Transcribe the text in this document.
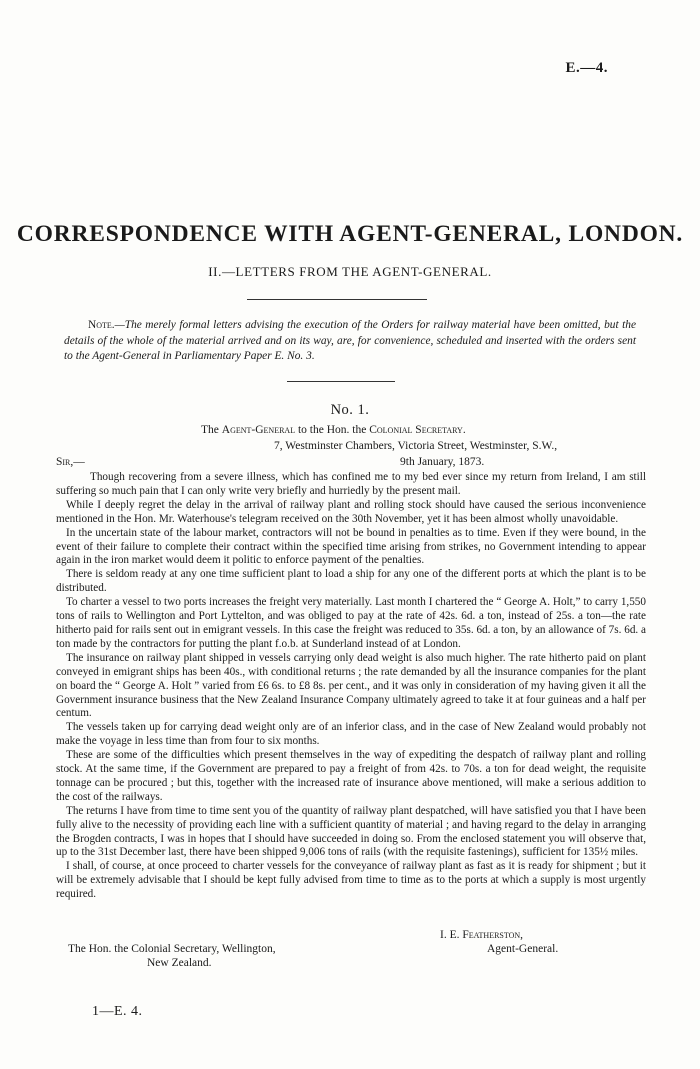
E.—4.
CORRESPONDENCE WITH AGENT-GENERAL, LONDON.
II.—LETTERS FROM THE AGENT-GENERAL.

Note.—The merely formal letters advising the execution of the Orders for railway material have been omitted, but the details of the whole of the material arrived and on its way, are, for convenience, scheduled and inserted with the orders sent to the Agent-General in Parliamentary Paper E. No. 3.

No. 1.
The Agent-General to the Hon. the Colonial Secretary.
7, Westminster Chambers, Victoria Street, Westminster, S.W.,
Sir,—	9th January, 1873.

Though recovering from a severe illness, which has confined me to my bed ever since my return from Ireland, I am still suffering so much pain that I can only write very briefly and hurriedly by the present mail.

While I deeply regret the delay in the arrival of railway plant and rolling stock should have caused the serious inconvenience mentioned in the Hon. Mr. Waterhouse's telegram received on the 30th November, yet it has been almost wholly unavoidable.

In the uncertain state of the labour market, contractors will not be bound in penalties as to time. Even if they were bound, in the event of their failure to complete their contract within the specified time arising from strikes, no Government intending to appear again in the iron market would deem it politic to enforce payment of the penalties.

There is seldom ready at any one time sufficient plant to load a ship for any one of the different ports at which the plant is to be distributed.

To charter a vessel to two ports increases the freight very materially. Last month I chartered the “ George A. Holt,” to carry 1,550 tons of rails to Wellington and Port Lyttelton, and was obliged to pay at the rate of 42s. 6d. a ton, instead of 25s. a ton—the rate hitherto paid for rails sent out in emigrant vessels. In this case the freight was reduced to 35s. 6d. a ton, by an allowance of 7s. 6d. a ton made by the contractors for putting the plant f.o.b. at Sunderland instead of at London.

The insurance on railway plant shipped in vessels carrying only dead weight is also much higher. The rate hitherto paid on plant conveyed in emigrant ships has been 40s., with conditional returns ; the rate demanded by all the insurance companies for the plant on board the “ George A. Holt ” varied from £6 6s. to £8 8s. per cent., and it was only in consideration of my having given it all the Government insurance business that the New Zealand Insurance Company ultimately agreed to take it at four guineas and a half per centum.

The vessels taken up for carrying dead weight only are of an inferior class, and in the case of New Zealand would probably not make the voyage in less time than from four to six months.

These are some of the difficulties which present themselves in the way of expediting the despatch of railway plant and rolling stock. At the same time, if the Government are prepared to pay a freight of from 42s. to 70s. a ton for dead weight, the requisite tonnage can be procured ; but this, together with the increased rate of insurance above mentioned, will make a serious addition to the cost of the railways.

The returns I have from time to time sent you of the quantity of railway plant despatched, will have satisfied you that I have been fully alive to the necessity of providing each line with a sufficient quantity of material ; and having regard to the delay in arranging the Brogden contracts, I was in hopes that I should have succeeded in doing so. From the enclosed statement you will observe that, up to the 31st December last, there have been shipped 9,006 tons of rails (with the requisite fastenings), sufficient for 135½ miles.

I shall, of course, at once proceed to charter vessels for the conveyance of railway plant as fast as it is ready for shipment ; but it will be extremely advisable that I should be kept fully advised from time to time as to the ports at which a supply is most urgently required.

I. E. Featherston,
Agent-General.
The Hon. the Colonial Secretary, Wellington,
New Zealand.
1—E. 4.
